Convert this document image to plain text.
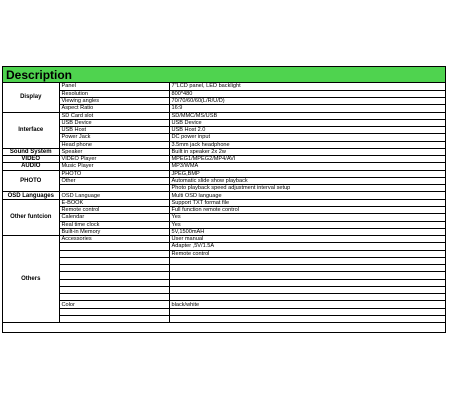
Description
Display	Panel	7"LCD panel, LED backlight
	Resolution	800*480
	Viewing angles	70/70/60/60(L/R/U/D)
	Aspect Ratio	16:9
Interface	SD Card slot	SD/MMC/MS/USB
	USB Device	USB Device
	USB Host	USB Host 2.0
	Power Jack	DC power input
	Head phone	3.5mm jack headphone
Sound System	Speaker	Built in speaker 2x 2w
VIDEO	VIDEO Player	MPEG1/MPEG2/MP4/AVI
AUDIO	Music Player	MP3/WMA
PHOTO	PHOTO	JPEG,BMP
	Other	Automatic slide show playback
		Photo playback speed adjustment interval setup
OSD Languages	OSD Language	Multi OSD language
Other funtcion	E-BOOK	Support TXT format file
	Remote control	Full function remote control
	Calendar	Yes
	Real time clock	Yes
	Built-in Memory	5V,1500mAH
Others	Accessories	User manual
		Adapter ,5V/1.5A
		Remote control

	Color	black/white
